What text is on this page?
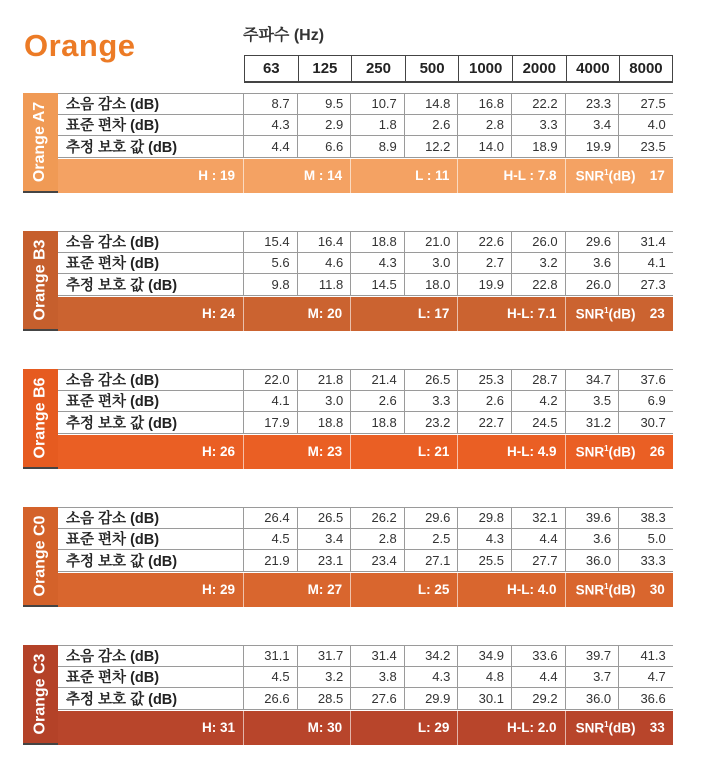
Orange	주파수 (Hz)
63	125	250	500	1000	2000	4000	8000
Orange A7	소음 감소 (dB)	8.7	9.5	10.7	14.8	16.8	22.2	23.3	27.5
표준 편차 (dB)	4.3	2.9	1.8	2.6	2.8	3.3	3.4	4.0
추정 보호 값 (dB)	4.4	6.6	8.9	12.2	14.0	18.9	19.9	23.5
H : 19	M : 14	L : 11	H-L : 7.8	SNR$^1$(dB) 17
Orange B3	소음 감소 (dB)	15.4	16.4	18.8	21.0	22.6	26.0	29.6	31.4
표준 편차 (dB)	5.6	4.6	4.3	3.0	2.7	3.2	3.6	4.1
추정 보호 값 (dB)	9.8	11.8	14.5	18.0	19.9	22.8	26.0	27.3
H: 24	M: 20	L: 17	H-L: 7.1	SNR$^1$(dB) 23
Orange B6	소음 감소 (dB)	22.0	21.8	21.4	26.5	25.3	28.7	34.7	37.6
표준 편차 (dB)	4.1	3.0	2.6	3.3	2.6	4.2	3.5	6.9
추정 보호 값 (dB)	17.9	18.8	18.8	23.2	22.7	24.5	31.2	30.7
H: 26	M: 23	L: 21	H-L: 4.9	SNR$^1$(dB) 26
Orange C0	소음 감소 (dB)	26.4	26.5	26.2	29.6	29.8	32.1	39.6	38.3
표준 편차 (dB)	4.5	3.4	2.8	2.5	4.3	4.4	3.6	5.0
추정 보호 값 (dB)	21.9	23.1	23.4	27.1	25.5	27.7	36.0	33.3
H: 29	M: 27	L: 25	H-L: 4.0	SNR$^1$(dB) 30
Orange C3	소음 감소 (dB)	31.1	31.7	31.4	34.2	34.9	33.6	39.7	41.3
표준 편차 (dB)	4.5	3.2	3.8	4.3	4.8	4.4	3.7	4.7
추정 보호 값 (dB)	26.6	28.5	27.6	29.9	30.1	29.2	36.0	36.6
H: 31	M: 30	L: 29	H-L: 2.0	SNR$^1$(dB) 33
